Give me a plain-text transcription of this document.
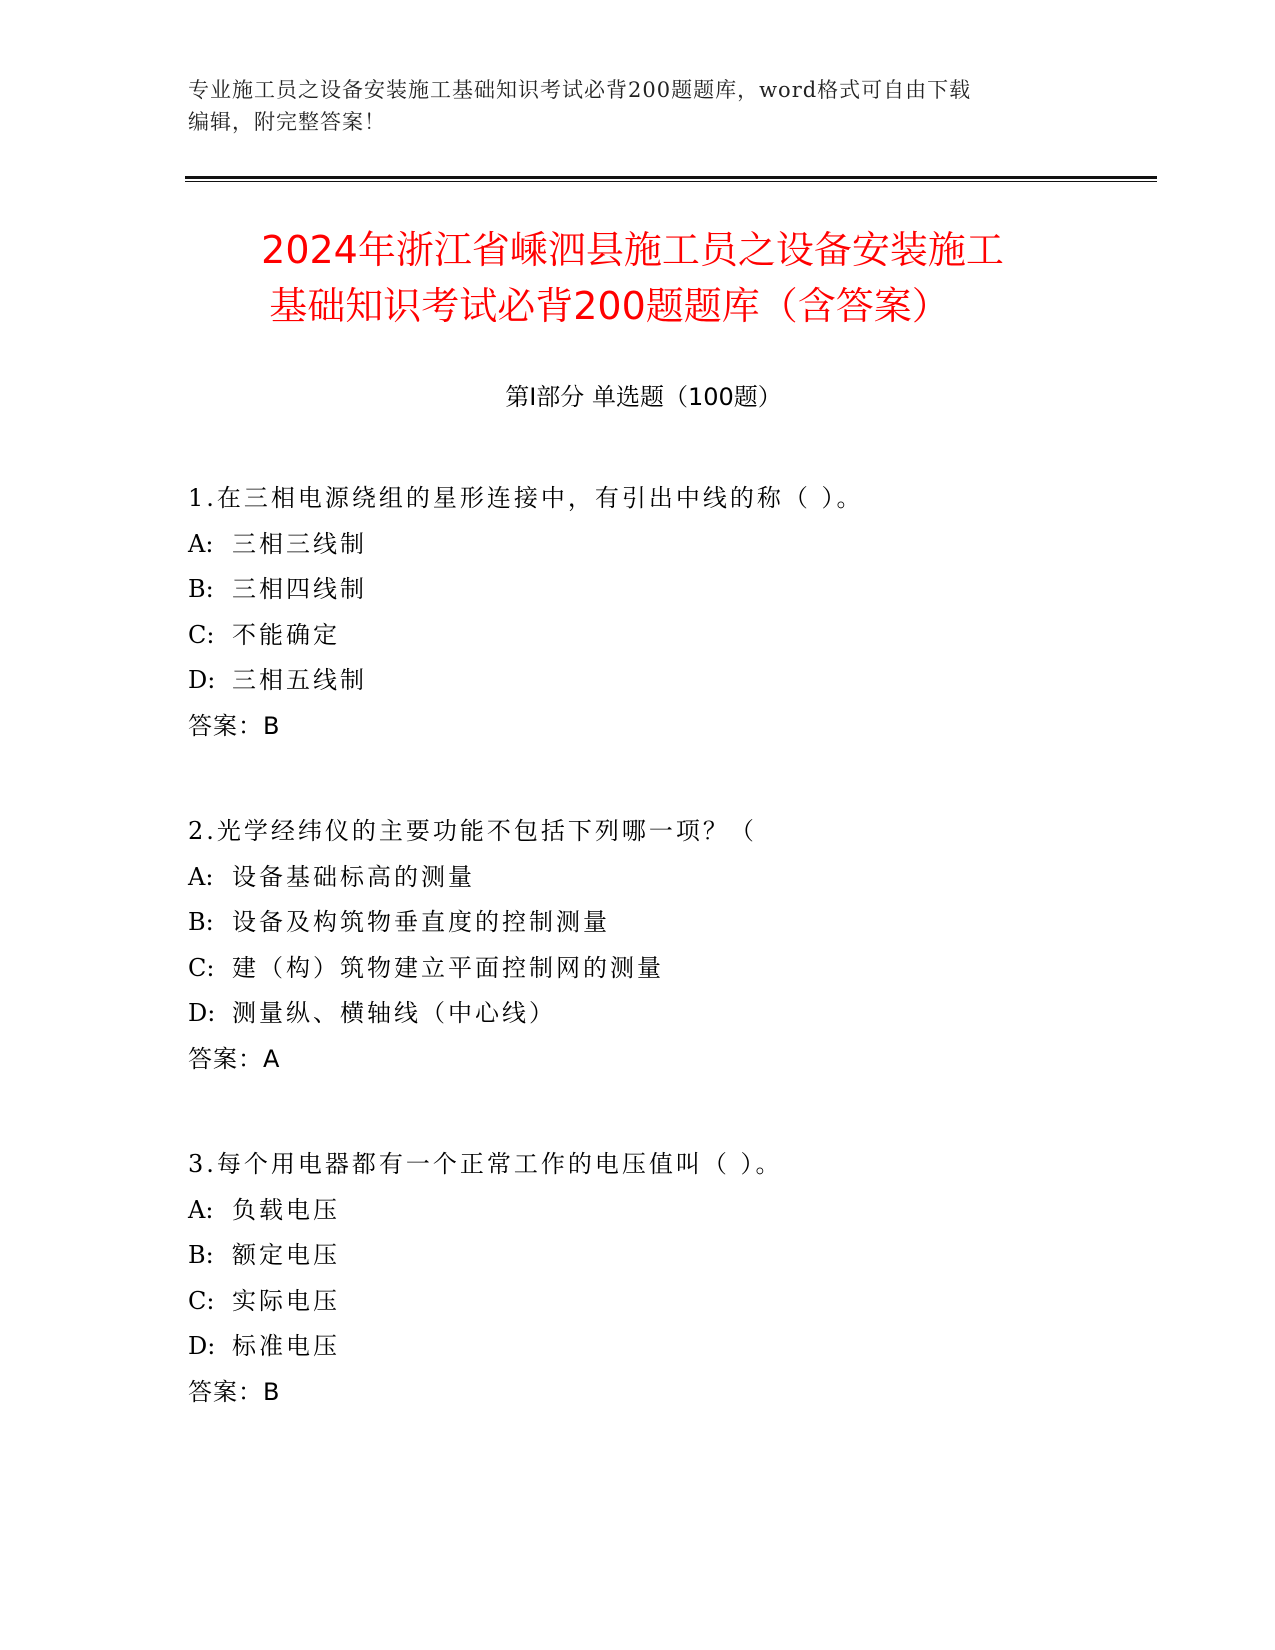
专业施工员之设备安装施工基础知识考试必背200题题库，word格式可自由下载
编辑，附完整答案！

2024年浙江省嵊泗县施工员之设备安装施工
基础知识考试必背200题题库（含答案）
第Ⅰ部分 单选题（100题）

1.在三相电源绕组的星形连接中，有引出中线的称（ ）。

A: 三相三线制

B: 三相四线制

C: 不能确定

D: 三相五线制

答案：B

2.光学经纬仪的主要功能不包括下列哪一项？（

A: 设备基础标高的测量

B: 设备及构筑物垂直度的控制测量

C: 建（构）筑物建立平面控制网的测量

D: 测量纵、横轴线（中心线）

答案：A

3.每个用电器都有一个正常工作的电压值叫（ ）。

A: 负载电压

B: 额定电压

C: 实际电压

D: 标准电压

答案：B
